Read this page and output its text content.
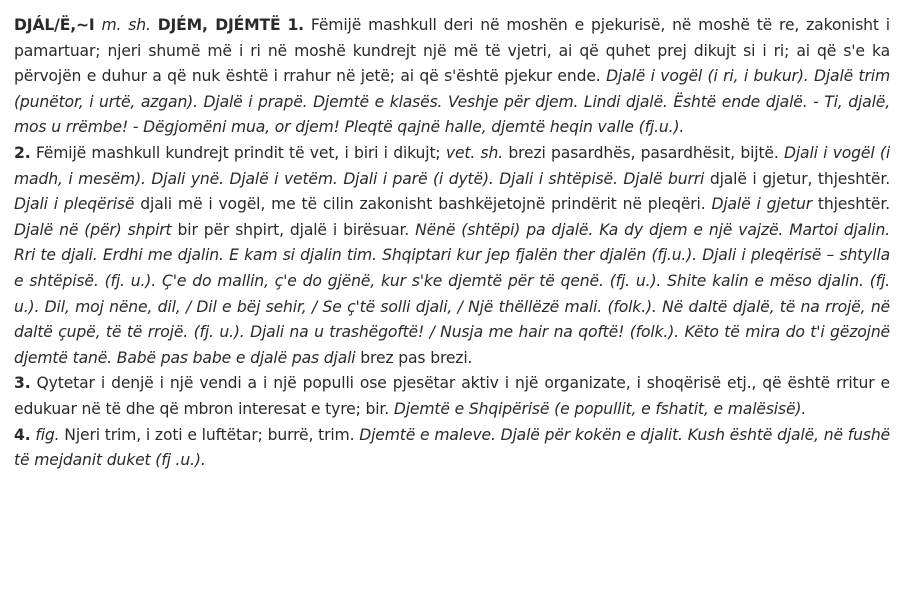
DJÁL/Ë,~I m. sh. DJÉM, DJÉMTË 1. Fëmijë mashkull deri në moshën e pjekurisë, në moshë të re, zakonisht i pamartuar; njeri shumë më i ri në moshë kundrejt një më të vjetri, ai që quhet prej dikujt si i ri; ai që s'e ka përvojën e duhur a që nuk është i rrahur në jetë; ai që s'është pjekur ende. Djalë i vogël (i ri, i bukur). Djalë trim (punëtor, i urtë, azgan). Djalë i prapë. Djemtë e klasës. Veshje për djem. Lindi djalë. Është ende djalë. - Ti, djalë, mos u rrëmbe! - Dëgjomëni mua, or djem! Pleqtë qajnë halle, djemtë heqin valle (fj.u.).

2. Fëmijë mashkull kundrejt prindit të vet, i biri i dikujt; vet. sh. brezi pasardhës, pasardhësit, bijtë. Djali i vogël (i madh, i mesëm). Djali ynë. Djalë i vetëm. Djali i parë (i dytë). Djali i shtëpisë. Djalë burri djalë i gjetur, thjeshtër. Djali i pleqërisë djali më i vogël, me të cilin zakonisht bashkëjetojnë prindërit në pleqëri. Djalë i gjetur thjeshtër. Djalë në (për) shpirt bir për shpirt, djalë i birësuar. Nënë (shtëpi) pa djalë. Ka dy djem e një vajzë. Martoi djalin. Rri te djali. Erdhi me djalin. E kam si djalin tim. Shqiptari kur jep fjalën ther djalën (fj.u.). Djali i pleqërisë – shtylla e shtëpisë. (fj. u.). Ç'e do mallin, ç'e do gjënë, kur s'ke djemtë për të qenë. (fj. u.). Shite kalin e mëso djalin. (fj. u.). Dil, moj nëne, dil, / Dil e bëj sehir, / Se ç'të solli djali, / Një thëllëzë mali. (folk.). Në daltë djalë, të na rrojë, në daltë çupë, të të rrojë. (fj. u.). Djali na u trashëgoftë! / Nusja me hair na qoftë! (folk.). Këto të mira do t'i gëzojnë djemtë tanë. Babë pas babe e djalë pas djali brez pas brezi.

3. Qytetar i denjë i një vendi a i një populli ose pjesëtar aktiv i një organizate, i shoqërisë etj., që është rritur e edukuar në të dhe që mbron interesat e tyre; bir. Djemtë e Shqipërisë (e popullit, e fshatit, e malësisë).

4. fig. Njeri trim, i zoti e luftëtar; burrë, trim. Djemtë e maleve. Djalë për kokën e djalit. Kush është djalë, në fushë të mejdanit duket (fj .u.).
